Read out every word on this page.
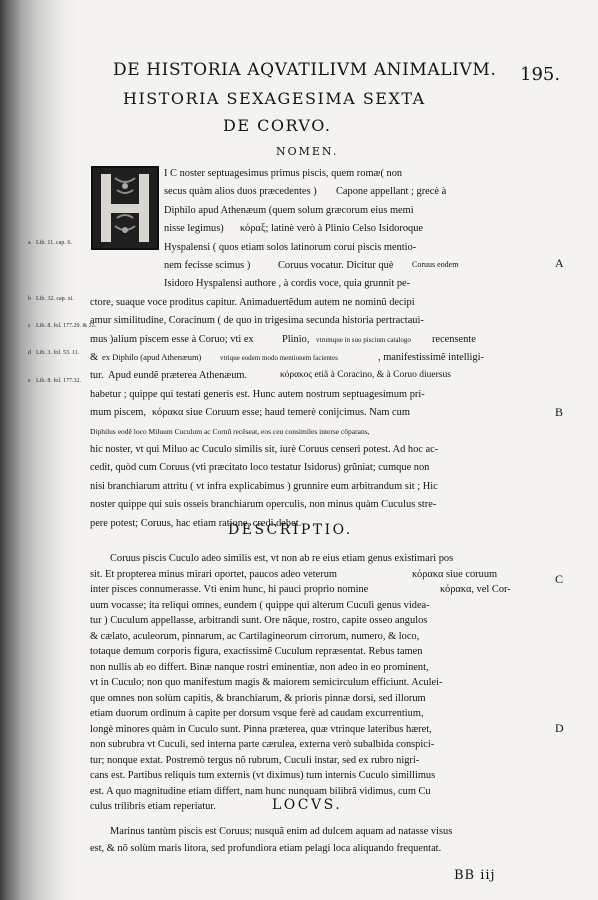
DE HISTORIA AQVATILIVM ANIMALIVM. 195.
HISTORIA SEXAGESIMA SEXTA
DE CORVO.
NOMEN.
I C noster septuagesimus primus piscis, quem romæ( non
secus quàm alios duos præcedentes ) Capone appellant ; grecè à
Diphilo apud Athenæum (quem solum græcorum eius memi
nisse legimus) κόραξ; latinè verò à Plinio Celso Isidoroque
Hyspalensi ( quos etiam solos latinorum corui piscis mentio-
nem fecisse scimus )	Coruus vocatur. Dicitur què Coruus eodem
Isidoro Hyspalensi authore , à cordis voce, quia grunnit pe-
ctore, suaque voce proditus capitur. Animaduertẽdum autem ne nominũ decipi
amur similitudine, Coracinum ( de quo in trigesima secunda historia pertractaui-
mus )alium piscem esse à Coruo; vti ex	Plinio, vtrumque in suo piscium catalogo recensente
& ex Diphilo (apud Athenæum)	vtrique eodem modo mentionem facientes	, manifestissimẽ intelligi-
tur. Apud eundẽ præterea Athenæum.	κόρακος etiã à Coracino, & à Coruo diuersus
habetur ; quippe qui testati generis est. Hunc autem nostrum septuagesimum pri-
mum piscem, κόρακα siue Coruum esse; haud temerè conijcimus. Nam cum
Diphilus eodẽ loco Miluum Cuculum ac Cornũ recẽseat, eos ceu consimiles interse cõparans,
hic noster, vt qui Miluo ac Cuculo similis sit, iurè Coruus censeri potest. Ad hoc ac-
cedit, quòd cum Coruus (vti præcitato loco testatur Isidorus) grũniat; cumque non
nisi branchiarum attritu ( vt infra explicabimus ) grunnire eum arbitrandum sit ; Hic
noster quippe qui suis osseis branchiarum operculis, non minus quàm Cuculus stre-
pere potest; Coruus, hac etiam ratione, credi debet.
a Lib. 11. cap. 6.
b Lib. 32. cap. xi.
c Lib. 8. fol. 177.29. & 33.
d Lib. 3. fol. 53. 11.
e Lib. 8. fol. 177.32.
A
B
C
D
DESCRIPTIO.
Coruus piscis Cuculo adeo similis est, vt non ab re eius etiam genus existimari pos
sit. Et propterea minus mirari oportet, paucos adeo veterum
inter pisces connumerasse. Vti enim hunc, hi pauci proprio nomine
uum vocasse; ita reliqui omnes, eundem ( quippe qui alterum Cuculi genus videa-
tur ) Cuculum appellasse, arbitrandi sunt. Ore nãque, rostro, capite osseo angulos
& cælato, aculeorum, pinnarum, ac Cartilagineorum cirrorum, numero, & loco,
totaque demum corporis figura, exactissimẽ Cuculum repræsentat. Rebus tamen
non nullis ab eo differt. Binæ nanque rostri eminentiæ, non adeo in eo prominent,
vt in Cuculo; non quo manifestum magis & maiorem semicirculum efficiunt. Aculei-
que omnes non solùm capitis, & branchiarum, & prioris pinnæ dorsi, sed illorum
etiam duorum ordinum à capite per dorsum vsque ferè ad caudam excurrentium,
longè minores quàm in Cuculo sunt. Pinna præterea, quæ vtrinque lateribus hæret,
non subrubra vt Cuculi, sed interna parte cærulea, externa verò subalbida conspici-
tur; nonque extat. Postremò tergus nõ rubrum, Cuculi instar, sed ex rubro nigri-
cans est. Partibus reliquis tum externis (vt diximus) tum internis Cuculo simillimus
est. A quo magnitudine etiam differt, nam hunc nunquam bilibrã vidimus, cum Cu
culus trilibris etiam reperiatur.
κόρακα siue coruum
κόρακα, vel Cor-
LOCVS.
Marinus tantùm piscis est Coruus; nusquã enim ad dulcem aquam ad natasse visus
est, & nõ solùm maris litora, sed profundiora etiam pelagi loca aliquando frequentat.
BB iij
